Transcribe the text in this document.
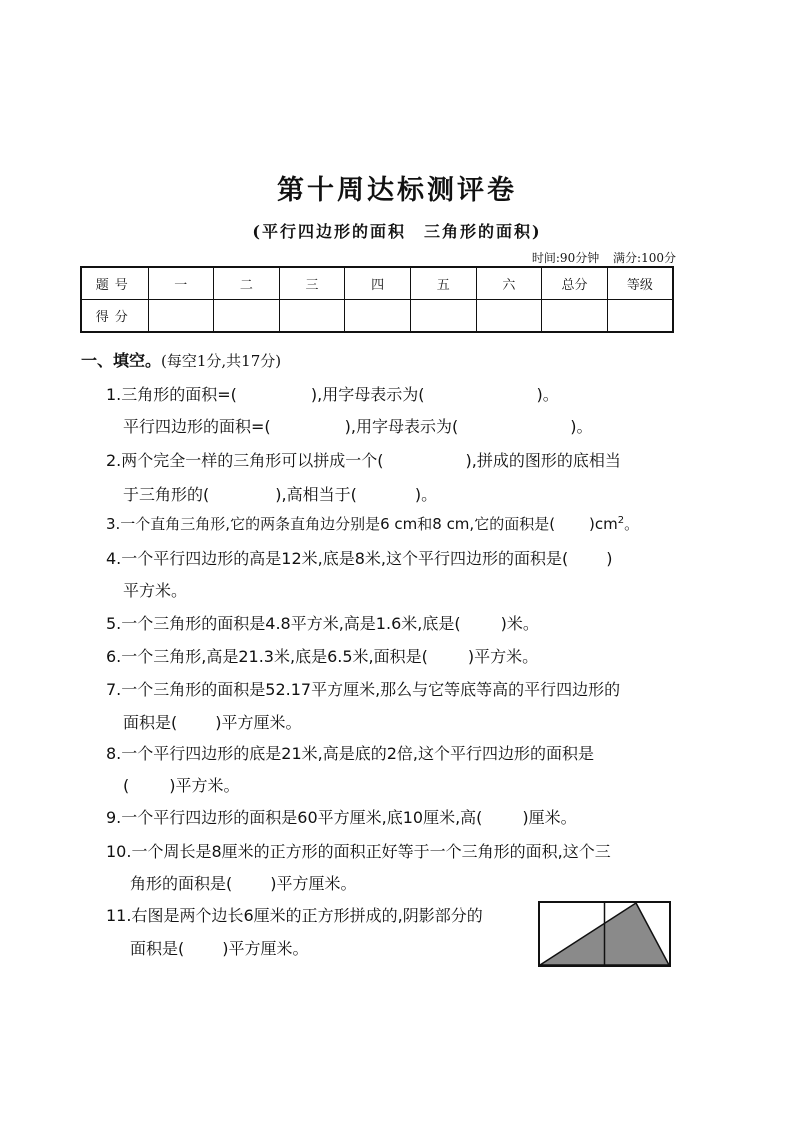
第十周达标测评卷
(平行四边形的面积　三角形的面积)
时间:90分钟 满分:100分
题号	一	二	三	四	五	六	总分	等级
得分								
一、填空。(每空1分,共17分)
1.三角形的面积=(	),用字母表示为(	)。
平行四边形的面积=(	),用字母表示为(	)。
2.两个完全一样的三角形可以拼成一个(	),拼成的图形的底相当
于三角形的(	),高相当于(	)。
3.一个直角三角形,它的两条直角边分别是6 cm和8 cm,它的面积是( )$cm^2$。
4.一个平行四边形的高是12米,底是8米,这个平行四边形的面积是( )
平方米。
5.一个三角形的面积是4.8平方米,高是1.6米,底是(	)米。
6.一个三角形,高是21.3米,底是6.5米,面积是(	)平方米。
7.一个三角形的面积是52.17平方厘米,那么与它等底等高的平行四边形的
面积是( )平方厘米。
8.一个平行四边形的底是21米,高是底的2倍,这个平行四边形的面积是
(	)平方米。
9.一个平行四边形的面积是60平方厘米,底10厘米,高(	)厘米。
10.一个周长是8厘米的正方形的面积正好等于一个三角形的面积,这个三
角形的面积是( )平方厘米。
11.右图是两个边长6厘米的正方形拼成的,阴影部分的
面积是( )平方厘米。
